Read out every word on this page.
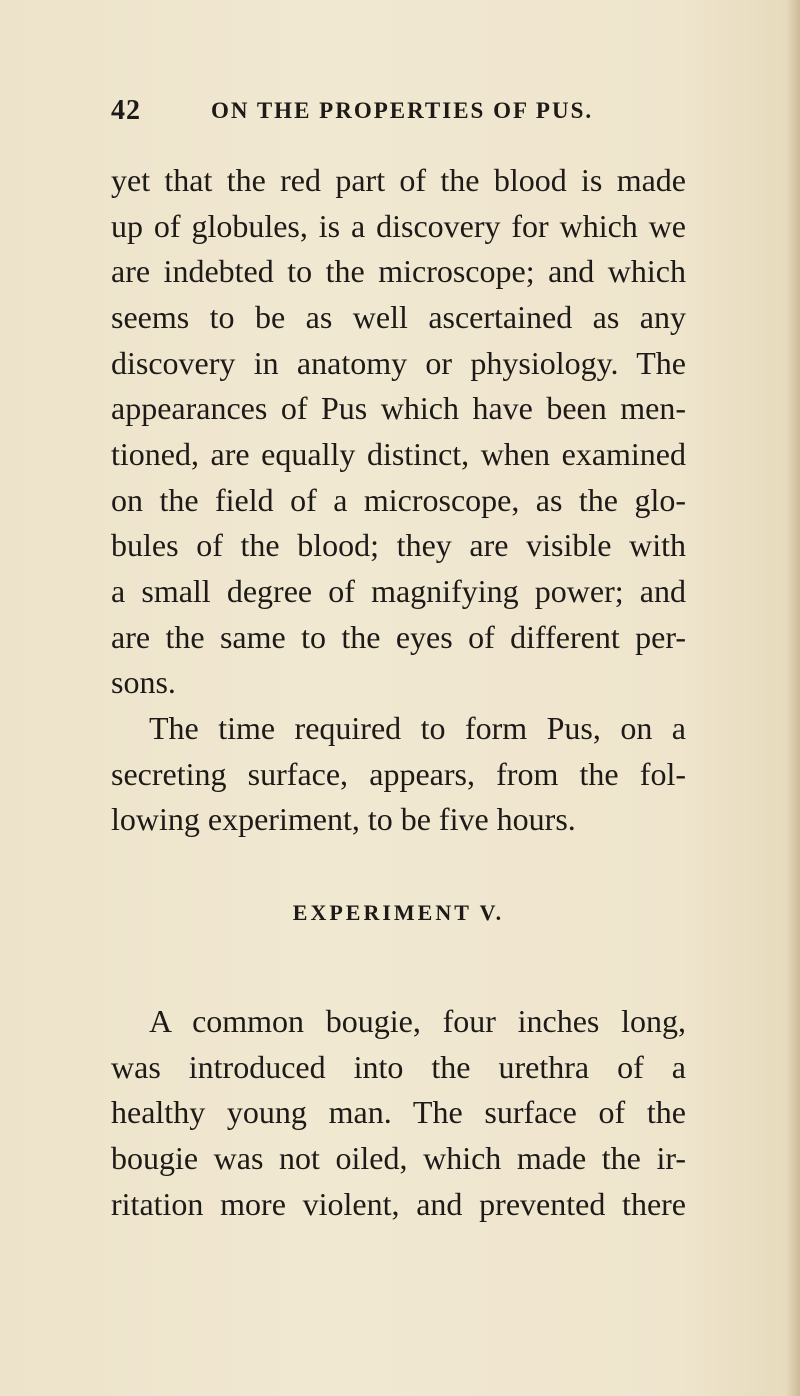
42	ON THE PROPERTIES OF PUS.
yet that the red part of the blood is made
up of globules, is a discovery for which we
are indebted to the microscope; and which
seems to be as well ascertained as any
discovery in anatomy or physiology. The
appearances of Pus which have been men-
tioned, are equally distinct, when examined
on the field of a microscope, as the glo-
bules of the blood; they are visible with
a small degree of magnifying power; and
are the same to the eyes of different per-
sons.
The time required to form Pus, on a
secreting surface, appears, from the fol-
lowing experiment, to be five hours.
EXPERIMENT V.
A common bougie, four inches long,
was introduced into the urethra of a
healthy young man. The surface of the
bougie was not oiled, which made the ir-
ritation more violent, and prevented there
